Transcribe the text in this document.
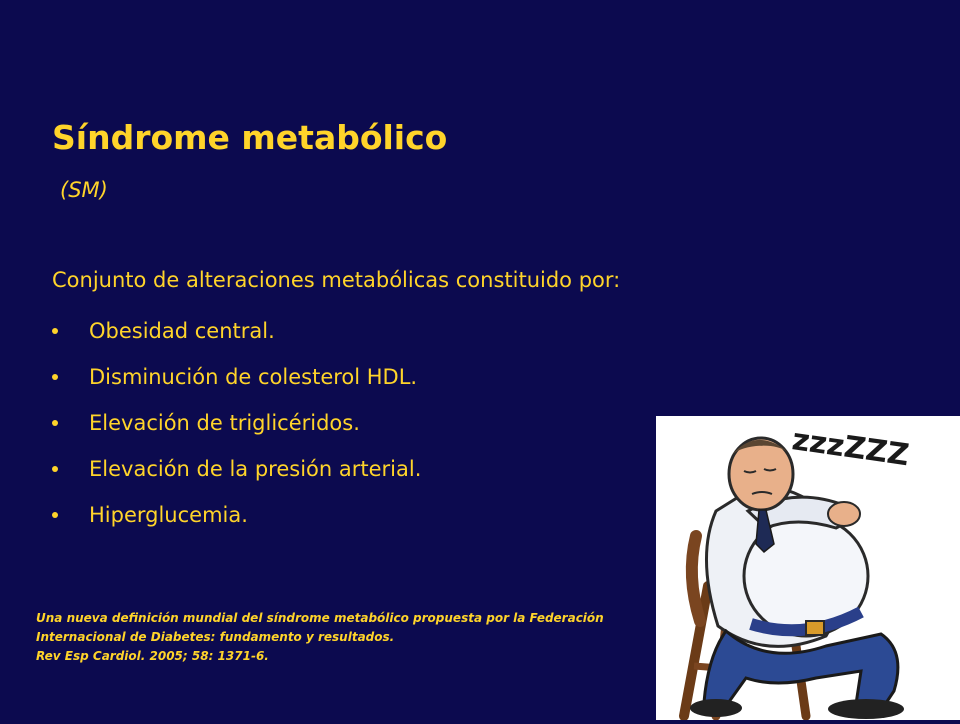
Síndrome metabólico
(SM)
Conjunto de alteraciones metabólicas constituido por:
Obesidad central.
Disminución de colesterol HDL.
Elevación de triglicéridos.
Elevación de la presión arterial.
Hiperglucemia.
Una nueva definición mundial del síndrome metabólico propuesta por la Federación
Internacional de Diabetes: fundamento y resultados.
Rev Esp Cardiol. 2005; 58: 1371-6.
zzzZZZ
